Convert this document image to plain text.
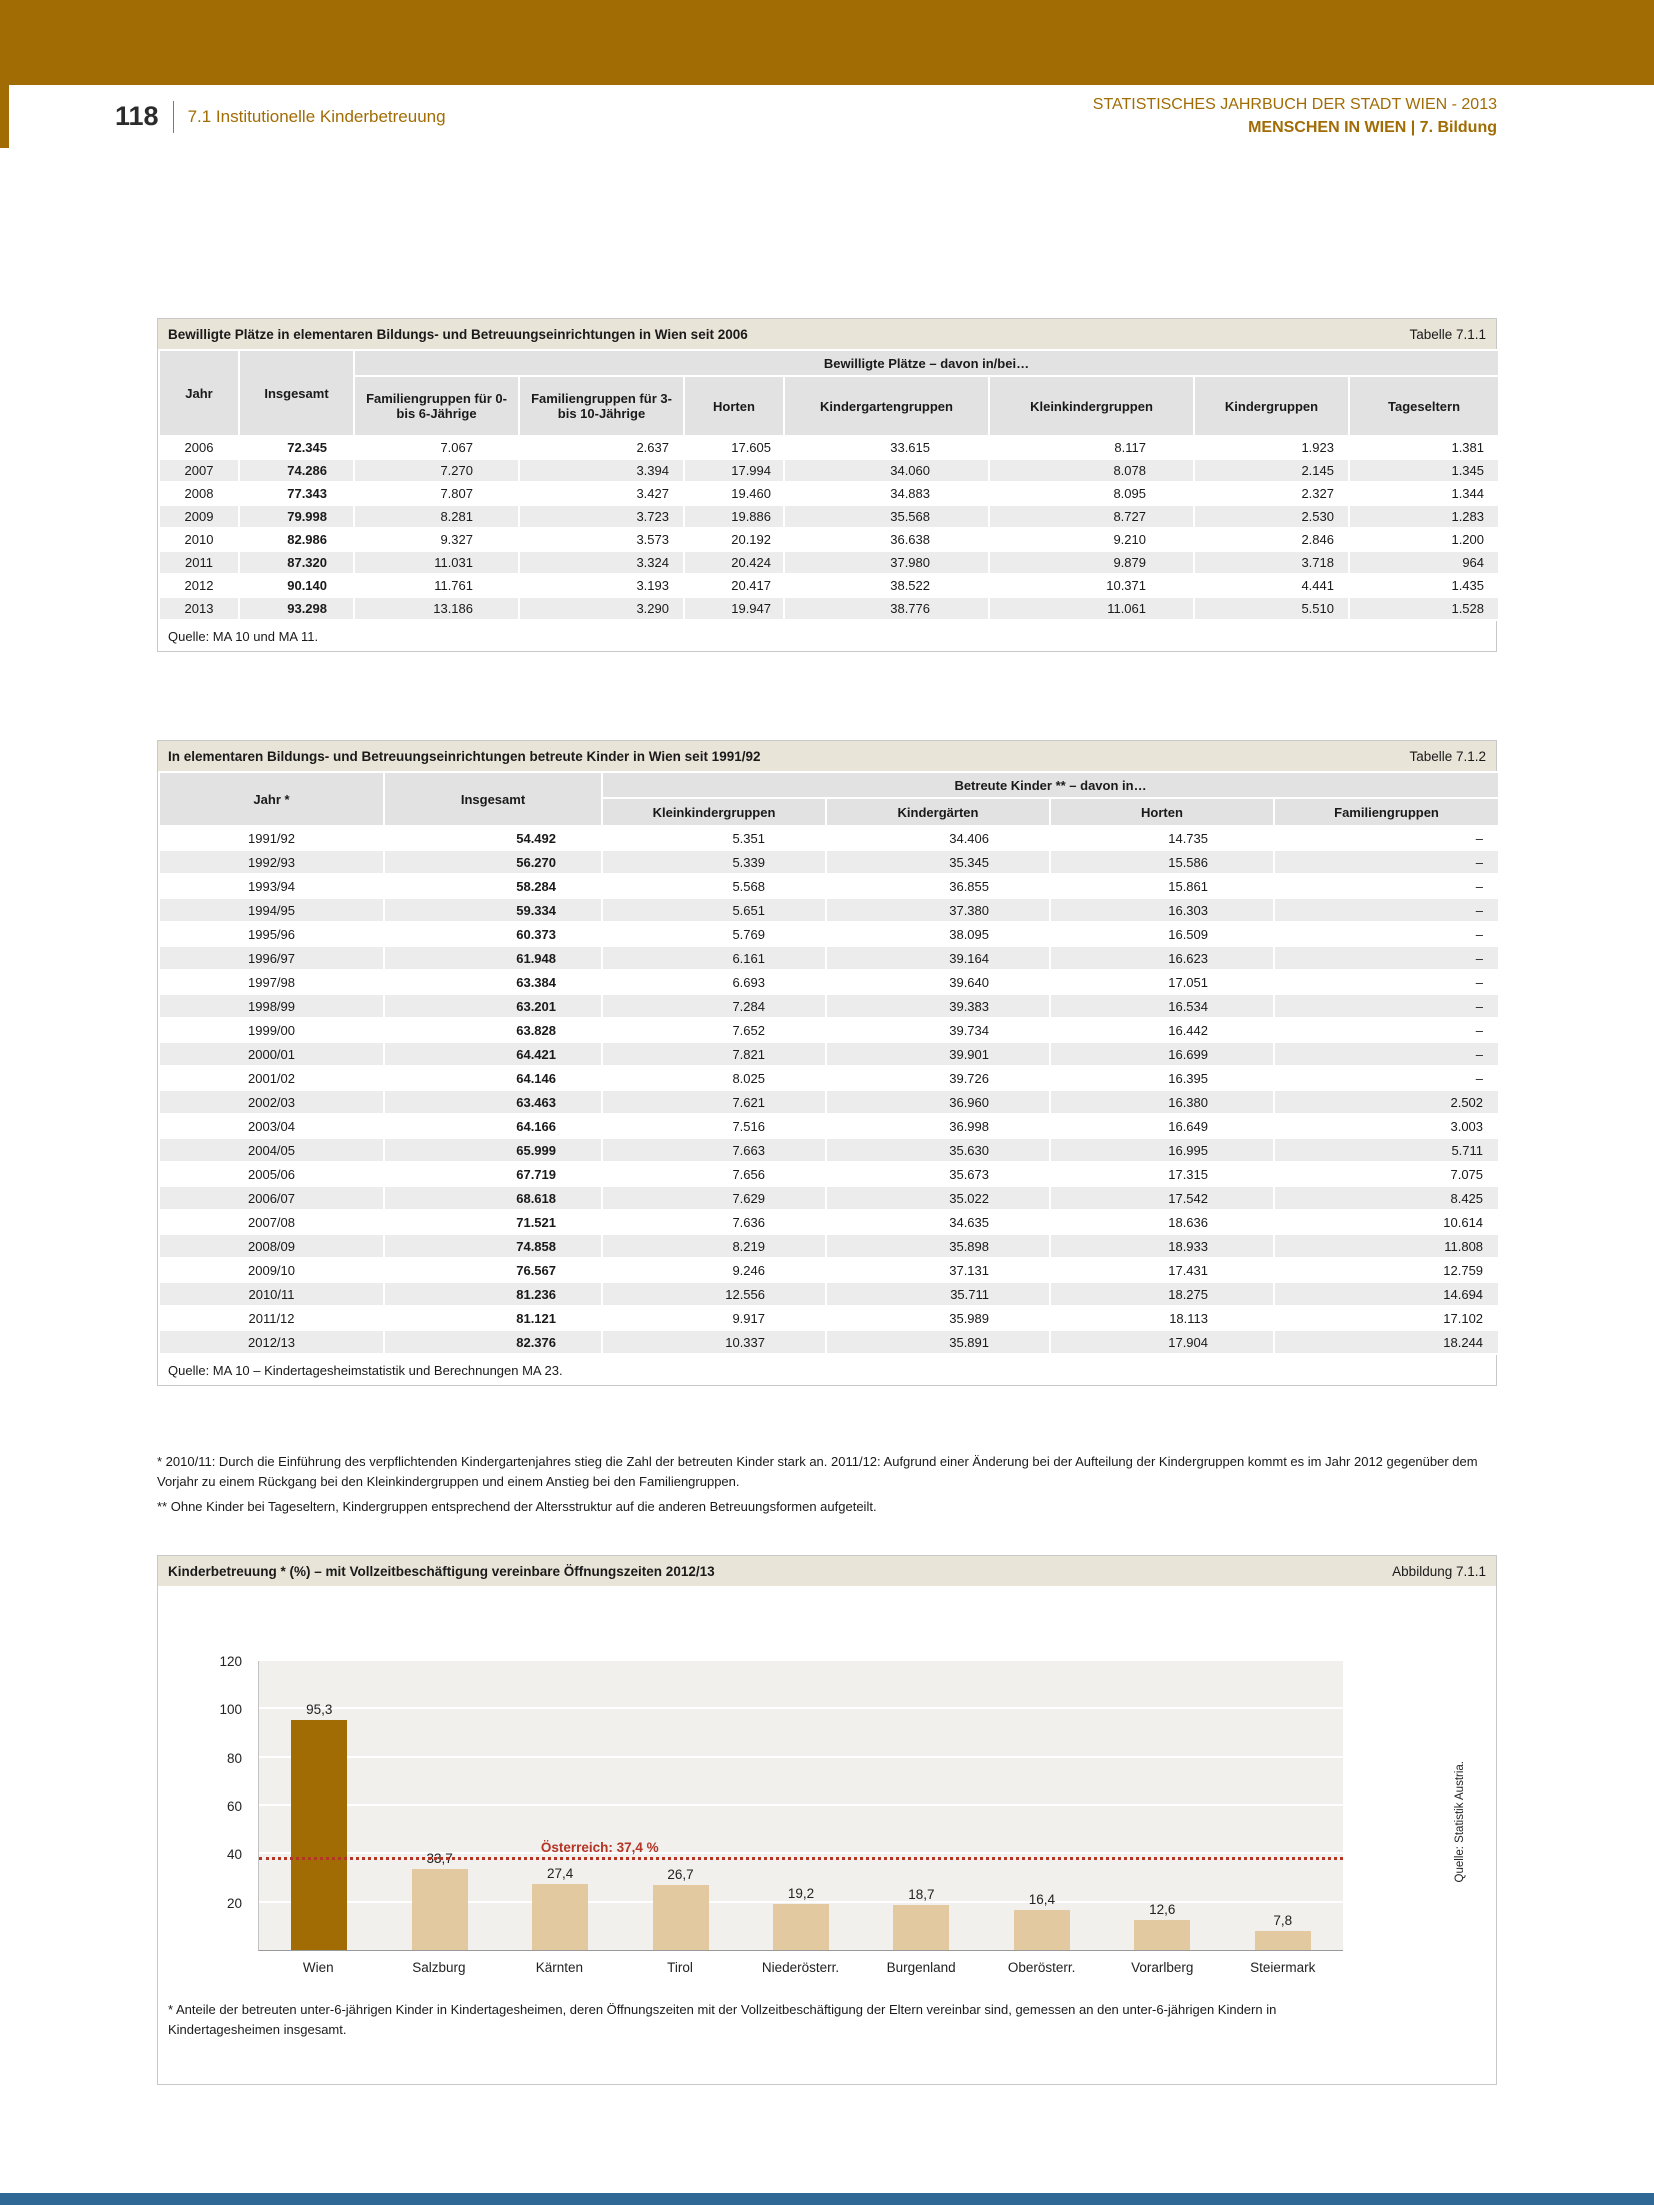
118 7.1 Institutionelle Kinderbetreuung
STATISTISCHES JAHRBUCH DER STADT WIEN - 2013
MENSCHEN IN WIEN | 7. Bildung
Bewilligte Plätze in elementaren Bildungs- und Betreuungseinrichtungen in Wien seit 2006	Tabelle 7.1.1
Jahr	Insgesamt	Bewilligte Plätze – davon in/bei…						
		Familiengruppen für 0- bis 6-Jährige	Familiengruppen für 3- bis 10-Jährige	Horten	Kindergartengruppen	Kleinkindergruppen	Kindergruppen	Tageseltern
2006	72.345	7.067	2.637	17.605	33.615	8.117	1.923	1.381
2007	74.286	7.270	3.394	17.994	34.060	8.078	2.145	1.345
2008	77.343	7.807	3.427	19.460	34.883	8.095	2.327	1.344
2009	79.998	8.281	3.723	19.886	35.568	8.727	2.530	1.283
2010	82.986	9.327	3.573	20.192	36.638	9.210	2.846	1.200
2011	87.320	11.031	3.324	20.424	37.980	9.879	3.718	964
2012	90.140	11.761	3.193	20.417	38.522	10.371	4.441	1.435
2013	93.298	13.186	3.290	19.947	38.776	11.061	5.510	1.528
Quelle: MA 10 und MA 11.
In elementaren Bildungs- und Betreuungseinrichtungen betreute Kinder in Wien seit 1991/92	Tabelle 7.1.2
Jahr *	Insgesamt	Betreute Kinder ** – davon in…			
		Kleinkindergruppen	Kindergärten	Horten	Familiengruppen
1991/92	54.492	5.351	34.406	14.735	–
1992/93	56.270	5.339	35.345	15.586	–
1993/94	58.284	5.568	36.855	15.861	–
1994/95	59.334	5.651	37.380	16.303	–
1995/96	60.373	5.769	38.095	16.509	–
1996/97	61.948	6.161	39.164	16.623	–
1997/98	63.384	6.693	39.640	17.051	–
1998/99	63.201	7.284	39.383	16.534	–
1999/00	63.828	7.652	39.734	16.442	–
2000/01	64.421	7.821	39.901	16.699	–
2001/02	64.146	8.025	39.726	16.395	–
2002/03	63.463	7.621	36.960	16.380	2.502
2003/04	64.166	7.516	36.998	16.649	3.003
2004/05	65.999	7.663	35.630	16.995	5.711
2005/06	67.719	7.656	35.673	17.315	7.075
2006/07	68.618	7.629	35.022	17.542	8.425
2007/08	71.521	7.636	34.635	18.636	10.614
2008/09	74.858	8.219	35.898	18.933	11.808
2009/10	76.567	9.246	37.131	17.431	12.759
2010/11	81.236	12.556	35.711	18.275	14.694
2011/12	81.121	9.917	35.989	18.113	17.102
2012/13	82.376	10.337	35.891	17.904	18.244
Quelle: MA 10 – Kindertagesheimstatistik und Berechnungen MA 23.

* 2010/11: Durch die Einführung des verpflichtenden Kindergartenjahres stieg die Zahl der betreuten Kinder stark an. 2011/12: Aufgrund einer Änderung bei der Aufteilung der Kindergruppen kommt es im Jahr 2012 gegenüber dem Vorjahr zu einem Rückgang bei den Kleinkindergruppen und einem Anstieg bei den Familiengruppen.

** Ohne Kinder bei Tageseltern, Kindergruppen entsprechend der Altersstruktur auf die anderen Betreuungsformen aufgeteilt.

Kinderbetreuung * (%) – mit Vollzeitbeschäftigung vereinbare Öffnungszeiten 2012/13	Abbildung 7.1.1
20
40
60
80
100
120
95,3
33,7
27,4	26,7
19,2	18,7	16,4
12,6
7,8
Österreich: 37,4 %
Wien	Salzburg	Kärnten	Tirol	Niederösterr.	Burgenland	Oberösterr.	Vorarlberg	Steiermark
Quelle: Statistik Austria.
* Anteile der betreuten unter-6-jährigen Kinder in Kindertagesheimen, deren Öffnungszeiten mit der Vollzeitbeschäftigung der Eltern vereinbar sind, gemessen an den unter-6-jährigen Kindern in Kindertagesheimen insgesamt.
